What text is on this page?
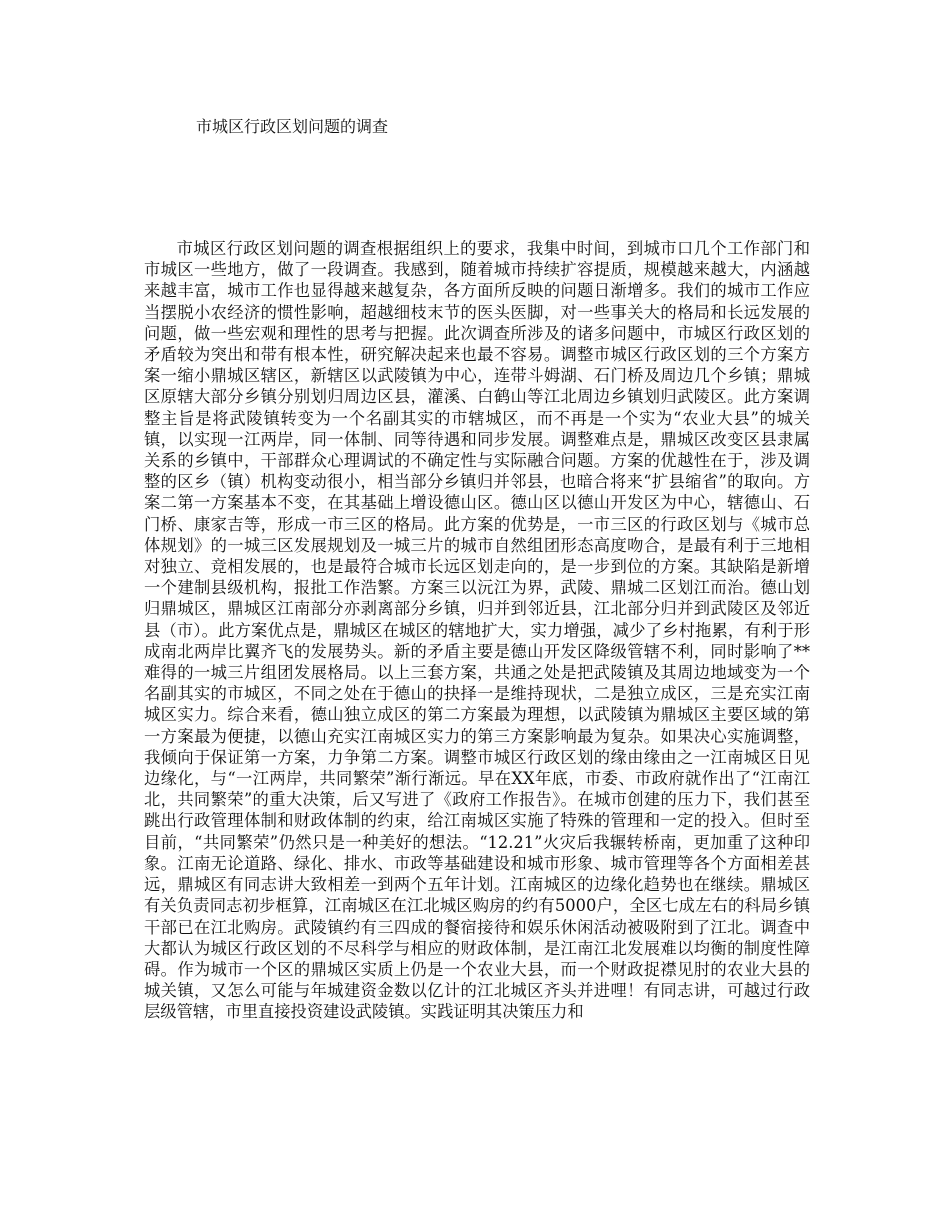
市城区行政区划问题的调查

市城区行政区划问题的调查根据组织上的要求，我集中时间，到城市口几个工作部门和市城区一些地方，做了一段调查。我感到，随着城市持续扩容提质，规模越来越大，内涵越来越丰富，城市工作也显得越来越复杂，各方面所反映的问题日渐增多。我们的城市工作应当摆脱小农经济的惯性影响，超越细枝末节的医头医脚，对一些事关大的格局和长远发展的问题，做一些宏观和理性的思考与把握。此次调查所涉及的诸多问题中，市城区行政区划的矛盾较为突出和带有根本性，研究解决起来也最不容易。调整市城区行政区划的三个方案方案一缩小鼎城区辖区，新辖区以武陵镇为中心，连带斗姆湖、石门桥及周边几个乡镇；鼎城区原辖大部分乡镇分别划归周边区县，灌溪、白鹤山等江北周边乡镇划归武陵区。此方案调整主旨是将武陵镇转变为一个名副其实的市辖城区，而不再是一个实为“农业大县”的城关镇，以实现一江两岸，同一体制、同等待遇和同步发展。调整难点是，鼎城区改变区县隶属关系的乡镇中，干部群众心理调试的不确定性与实际融合问题。方案的优越性在于，涉及调整的区乡（镇）机构变动很小，相当部分乡镇归并邻县，也暗合将来“扩县缩省”的取向。方案二第一方案基本不变，在其基础上增设德山区。德山区以德山开发区为中心，辖德山、石门桥、康家吉等，形成一市三区的格局。此方案的优势是，一市三区的行政区划与《城市总体规划》的一城三区发展规划及一城三片的城市自然组团形态高度吻合，是最有利于三地相对独立、竞相发展的，也是最符合城市长远区划走向的，是一步到位的方案。其缺陷是新增一个建制县级机构，报批工作浩繁。方案三以沅江为界，武陵、鼎城二区划江而治。德山划归鼎城区，鼎城区江南部分亦剥离部分乡镇，归并到邻近县，江北部分归并到武陵区及邻近县（市）。此方案优点是，鼎城区在城区的辖地扩大，实力增强，减少了乡村拖累，有利于形成南北两岸比翼齐飞的发展势头。新的矛盾主要是德山开发区降级管辖不利，同时影响了**难得的一城三片组团发展格局。以上三套方案，共通之处是把武陵镇及其周边地域变为一个名副其实的市城区，不同之处在于德山的抉择一是维持现状，二是独立成区，三是充实江南城区实力。综合来看，德山独立成区的第二方案最为理想，以武陵镇为鼎城区主要区域的第一方案最为便捷，以德山充实江南城区实力的第三方案影响最为复杂。如果决心实施调整，我倾向于保证第一方案，力争第二方案。调整市城区行政区划的缘由缘由之一江南城区日见边缘化，与“一江两岸，共同繁荣”渐行渐远。早在XX年底，市委、市政府就作出了“江南江北，共同繁荣”的重大决策，后又写进了《政府工作报告》。在城市创建的压力下，我们甚至跳出行政管理体制和财政体制的约束，给江南城区实施了特殊的管理和一定的投入。但时至目前，“共同繁荣”仍然只是一种美好的想法。“12.21”火灾后我辗转桥南，更加重了这种印象。江南无论道路、绿化、排水、市政等基础建设和城市形象、城市管理等各个方面相差甚远，鼎城区有同志讲大致相差一到两个五年计划。江南城区的边缘化趋势也在继续。鼎城区有关负责同志初步框算，江南城区在江北城区购房的约有5000户，全区七成左右的科局乡镇干部已在江北购房。武陵镇约有三四成的餐宿接待和娱乐休闲活动被吸附到了江北。调查中大都认为城区行政区划的不尽科学与相应的财政体制，是江南江北发展难以均衡的制度性障碍。作为城市一个区的鼎城区实质上仍是一个农业大县，而一个财政捉襟见肘的农业大县的城关镇，又怎么可能与年城建资金数以亿计的江北城区齐头并进哩！有同志讲，可越过行政层级管辖，市里直接投资建设武陵镇。实践证明其决策压力和
